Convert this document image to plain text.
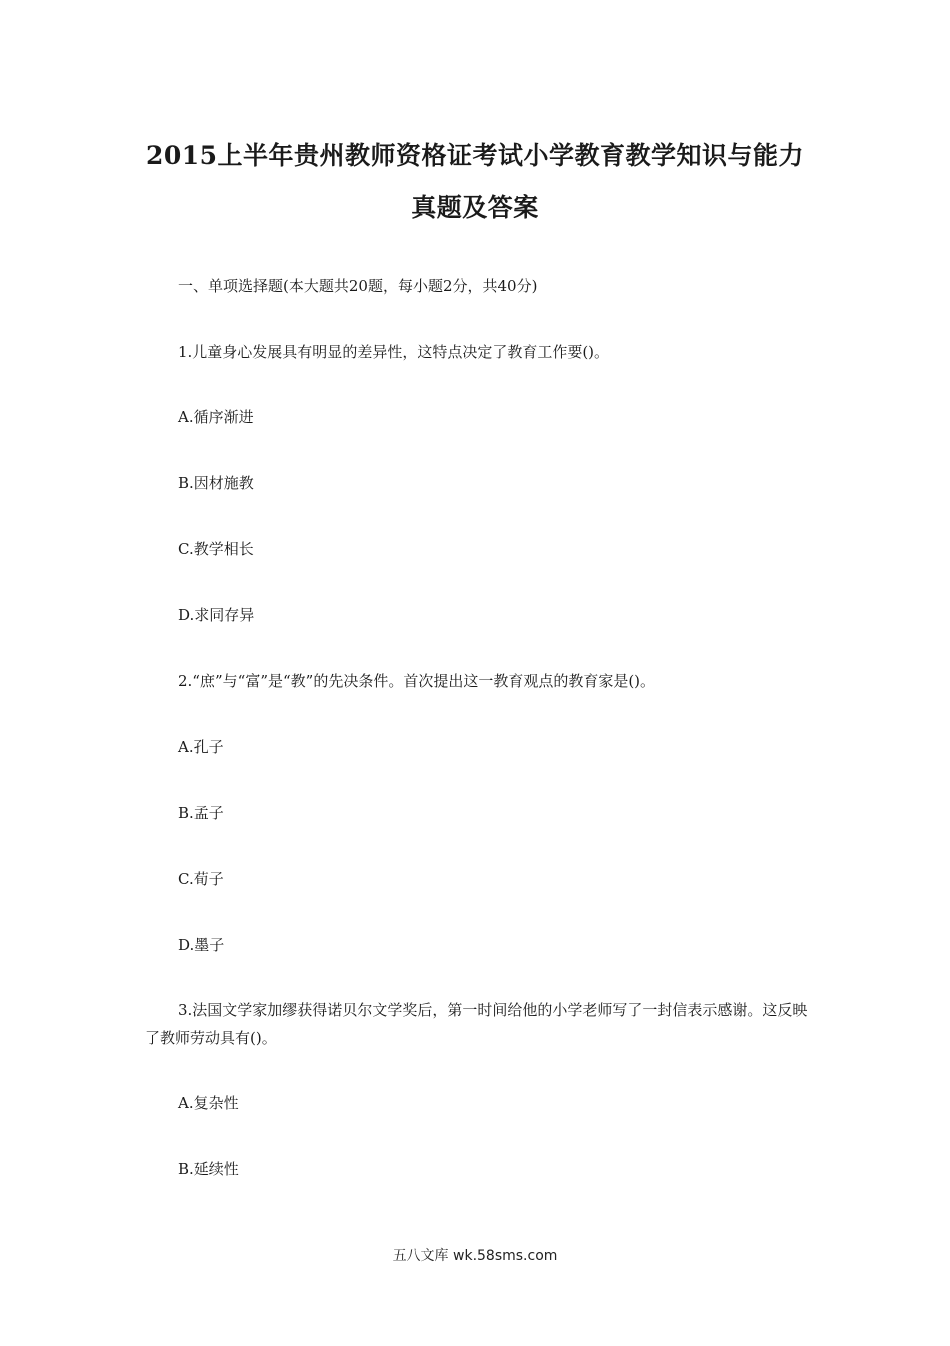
2015上半年贵州教师资格证考试小学教育教学知识与能力
真题及答案

一、单项选择题(本大题共20题，每小题2分，共40分)

1.儿童身心发展具有明显的差异性，这特点决定了教育工作要()。

A.循序渐进

B.因材施教

C.教学相长

D.求同存异

2.“庶”与“富”是“教”的先决条件。首次提出这一教育观点的教育家是()。

A.孔子

B.孟子

C.荀子

D.墨子

3.法国文学家加缪获得诺贝尔文学奖后，第一时间给他的小学老师写了一封信表示感谢。这反映了教师劳动具有()。

A.复杂性

B.延续性

五八文库 wk.58sms.com
